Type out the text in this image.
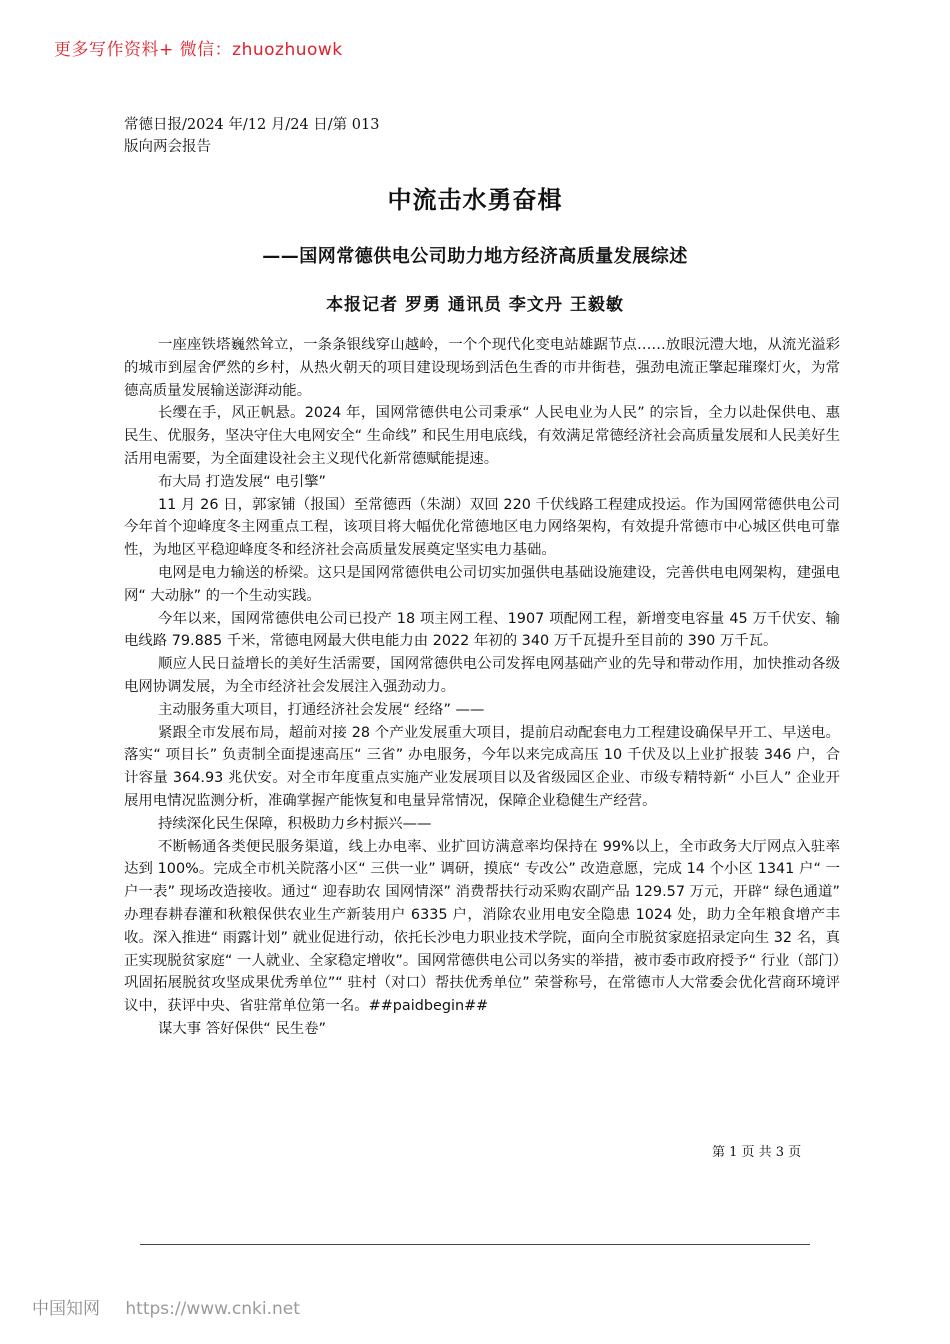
更多写作资料+ 微信：zhuozhuowk
常德日报/2024 年/12 月/24 日/第 013
版向两会报告
中流击水勇奋楫
——国网常德供电公司助力地方经济高质量发展综述
本报记者 罗勇 通讯员 李文丹 王毅敏

一座座铁塔巍然耸立，一条条银线穿山越岭，一个个现代化变电站雄踞节点……放眼沅澧大地，从流光溢彩的城市到屋舍俨然的乡村，从热火朝天的项目建设现场到活色生香的市井街巷，强劲电流正擎起璀璨灯火，为常德高质量发展输送澎湃动能。

长缨在手，风正帆悬。2024 年，国网常德供电公司秉承“ 人民电业为人民” 的宗旨，全力以赴保供电、惠民生、优服务，坚决守住大电网安全“ 生命线” 和民生用电底线，有效满足常德经济社会高质量发展和人民美好生活用电需要，为全面建设社会主义现代化新常德赋能提速。

布大局 打造发展“ 电引擎”

11 月 26 日，郭家铺（报国）至常德西（朱湖）双回 220 千伏线路工程建成投运。作为国网常德供电公司今年首个迎峰度冬主网重点工程，该项目将大幅优化常德地区电力网络架构，有效提升常德市中心城区供电可靠性，为地区平稳迎峰度冬和经济社会高质量发展奠定坚实电力基础。

电网是电力输送的桥梁。这只是国网常德供电公司切实加强供电基础设施建设，完善供电电网架构，建强电网“ 大动脉” 的一个生动实践。

今年以来，国网常德供电公司已投产 18 项主网工程、1907 项配网工程，新增变电容量 45 万千伏安、输电线路 79.885 千米，常德电网最大供电能力由 2022 年初的 340 万千瓦提升至目前的 390 万千瓦。

顺应人民日益增长的美好生活需要，国网常德供电公司发挥电网基础产业的先导和带动作用，加快推动各级电网协调发展，为全市经济社会发展注入强劲动力。

主动服务重大项目，打通经济社会发展“ 经络” ——

紧跟全市发展布局，超前对接 28 个产业发展重大项目，提前启动配套电力工程建设确保早开工、早送电。落实“ 项目长” 负责制全面提速高压“ 三省” 办电服务，今年以来完成高压 10 千伏及以上业扩报装 346 户，合计容量 364.93 兆伏安。对全市年度重点实施产业发展项目以及省级园区企业、市级专精特新“ 小巨人” 企业开展用电情况监测分析，准确掌握产能恢复和电量异常情况，保障企业稳健生产经营。

持续深化民生保障，积极助力乡村振兴——

不断畅通各类便民服务渠道，线上办电率、业扩回访满意率均保持在 99%以上，全市政务大厅网点入驻率达到 100%。完成全市机关院落小区“ 三供一业” 调研，摸底“ 专改公” 改造意愿，完成 14 个小区 1341 户“ 一户一表” 现场改造接收。通过“ 迎春助农 国网情深” 消费帮扶行动采购农副产品 129.57 万元，开辟“ 绿色通道” 办理春耕春灌和秋粮保供农业生产新装用户 6335 户，消除农业用电安全隐患 1024 处，助力全年粮食增产丰收。深入推进“ 雨露计划” 就业促进行动，依托长沙电力职业技术学院，面向全市脱贫家庭招录定向生 32 名，真正实现脱贫家庭“ 一人就业、全家稳定增收”。国网常德供电公司以务实的举措，被市委市政府授予“ 行业（部门）巩固拓展脱贫攻坚成果优秀单位”“ 驻村（对口）帮扶优秀单位” 荣誉称号，在常德市人大常委会优化营商环境评议中，获评中央、省驻常单位第一名。##paidbegin##

谋大事 答好保供“ 民生卷”

第 1 页 共 3 页
中国知网 https://www.cnki.net
